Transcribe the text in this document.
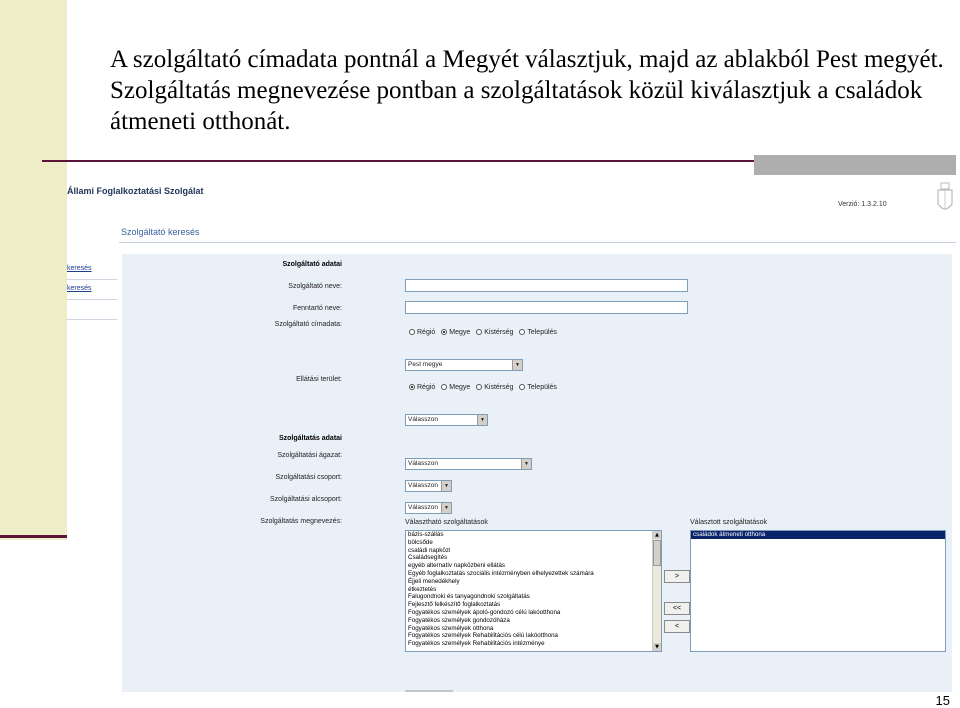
A szolgáltató címadata pontnál a Megyét választjuk, majd az ablakból Pest megyét. Szolgáltatás megnevezése pontban a szolgáltatások közül kiválasztjuk a családok átmeneti otthonát.
Állami Foglalkoztatási Szolgálat
Verzió: 1.3.2.10
Szolgáltató keresés
keresés
keresés
Szolgáltató adatai
Szolgáltató neve:
Fenntartó neve:
Szolgáltató címadata:
Régió Megye Kistérség Település
Pest megye	▼
Ellátási terület:
Régió Megye Kistérség Település
Válasszon	▼
Szolgáltatás adatai
Szolgáltatási ágazat:
Válasszon	▼
Szolgáltatási csoport:
Válasszon	▼
Szolgáltatási alcsoport:
Válasszon	▼
Szolgáltatás megnevezés:	Választható szolgáltatások
bázis-szállás
bölcsőde
családi napközi
Családsegítés
egyéb alternatív napközbeni ellátás
Egyéb foglalkoztatás szociális intézményben elhelyezettek számára
Éjjeli menedékhely
étkeztetés
Falugondnoki és tanyagondnoki szolgáltatás
Fejlesztő felkészítő foglalkoztatás
Fogyatékos személyek ápoló-gondozó célú lakóotthona
Fogyatékos személyek gondozóháza
Fogyatékos személyek otthona
Fogyatékos személyek Rehabilitációs célú lakóotthona
Fogyatékos személyek Rehabilitációs intézménye
▲
▼
>
<<
<
Választott szolgáltatások
családok átmeneti otthona
15
